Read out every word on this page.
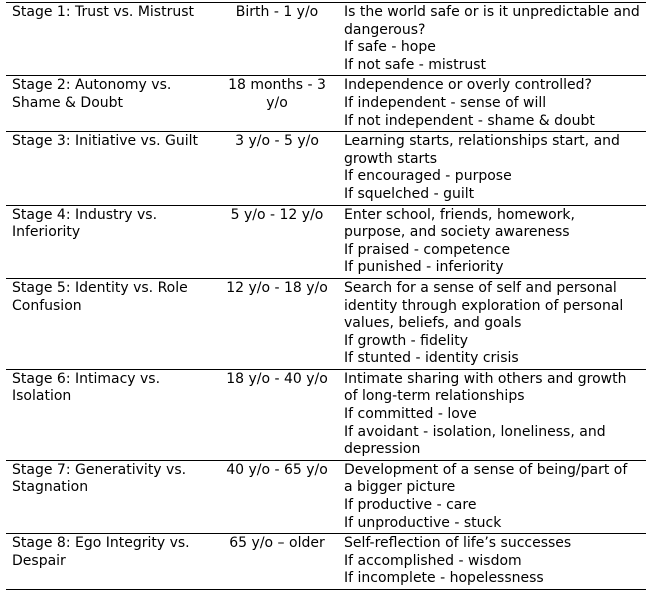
Stage 1: Trust vs. Mistrust	Birth - 1 y/o	Is the world safe or is it unpredictable and dangerous?
If safe - hope
If not safe - mistrust

Stage 2: Autonomy vs. Shame & Doubt	18 months - 3 y/o	Independence or overly controlled?
If independent - sense of will
If not independent - shame & doubt

Stage 3: Initiative vs. Guilt	3 y/o - 5 y/o	Learning starts, relationships start, and growth starts
If encouraged - purpose
If squelched - guilt

Stage 4: Industry vs. Inferiority	5 y/o - 12 y/o	Enter school, friends, homework, purpose, and society awareness
If praised - competence
If punished - inferiority

Stage 5: Identity vs. Role Confusion	12 y/o - 18 y/o	Search for a sense of self and personal identity through exploration of personal values, beliefs, and goals
If growth - fidelity
If stunted - identity crisis

Stage 6: Intimacy vs. Isolation	18 y/o - 40 y/o	Intimate sharing with others and growth of long-term relationships
If committed - love
If avoidant - isolation, loneliness, and depression

Stage 7: Generativity vs. Stagnation	40 y/o - 65 y/o	Development of a sense of being/part of a bigger picture
If productive - care
If unproductive - stuck

Stage 8: Ego Integrity vs. Despair	65 y/o – older	Self-reflection of life’s successes
If accomplished - wisdom
If incomplete - hopelessness
